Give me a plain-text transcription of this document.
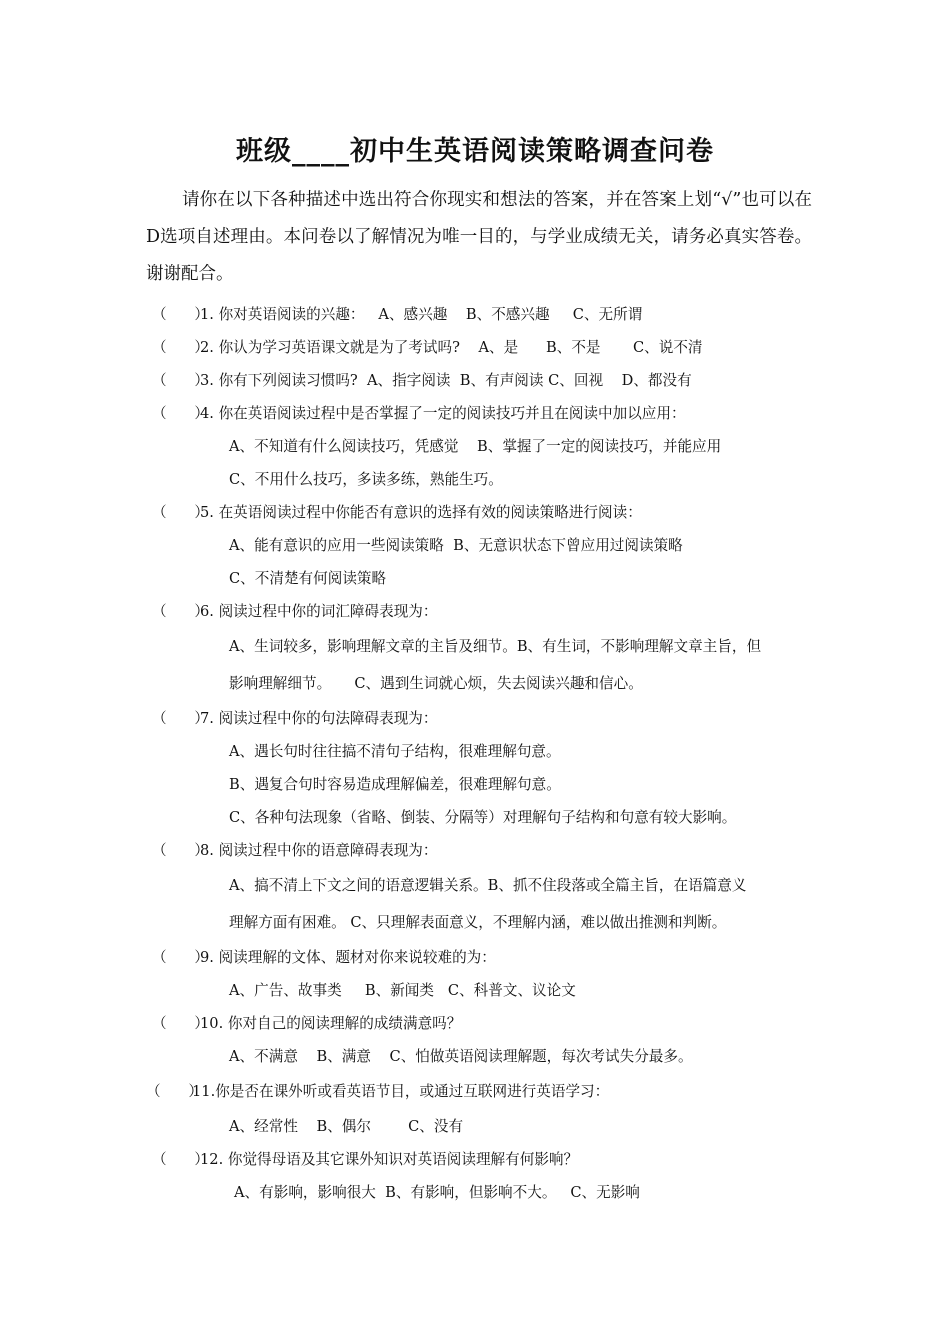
班级____初中生英语阅读策略调查问卷
请你在以下各种描述中选出符合你现实和想法的答案，并在答案上划“√”也可以在D选项自述理由。本问卷以了解情况为唯一目的，与学业成绩无关，请务必真实答卷。谢谢配合。
（      ）
1. 你对英语阅读的兴趣：   A、感兴趣    B、不感兴趣     C、无所谓
（      ）
2. 你认为学习英语课文就是为了考试吗?    A、是      B、不是       C、说不清
（      ）
3. 你有下列阅读习惯吗?  A、指字阅读  B、有声阅读 C、回视    D、都没有
（      ）
4. 你在英语阅读过程中是否掌握了一定的阅读技巧并且在阅读中加以应用：
A、不知道有什么阅读技巧，凭感觉    B、掌握了一定的阅读技巧，并能应用
C、不用什么技巧，多读多练，熟能生巧。
（      ）
5. 在英语阅读过程中你能否有意识的选择有效的阅读策略进行阅读：
A、能有意识的应用一些阅读策略  B、无意识状态下曾应用过阅读策略
C、不清楚有何阅读策略
（      ）
6. 阅读过程中你的词汇障碍表现为：
A、生词较多，影响理解文章的主旨及细节。B、有生词，不影响理解文章主旨，但
影响理解细节。     C、遇到生词就心烦，失去阅读兴趣和信心。
（      ）
7. 阅读过程中你的句法障碍表现为：
A、遇长句时往往搞不清句子结构，很难理解句意。
B、遇复合句时容易造成理解偏差，很难理解句意。
C、各种句法现象（省略、倒装、分隔等）对理解句子结构和句意有较大影响。
（      ）
8. 阅读过程中你的语意障碍表现为：
A、搞不清上下文之间的语意逻辑关系。B、抓不住段落或全篇主旨，在语篇意义
理解方面有困难。 C、只理解表面意义，不理解内涵，难以做出推测和判断。
（      ）
9. 阅读理解的文体、题材对你来说较难的为：
A、广告、故事类     B、新闻类   C、科普文、议论文
（      ）
10. 你对自己的阅读理解的成绩满意吗？
A、不满意    B、满意    C、怕做英语阅读理解题，每次考试失分最多。
（      ）
11.你是否在课外听或看英语节目，或通过互联网进行英语学习：
A、经常性    B、偶尔        C、没有
（      ）
12. 你觉得母语及其它课外知识对英语阅读理解有何影响？
A、有影响，影响很大  B、有影响，但影响不大。   C、无影响
